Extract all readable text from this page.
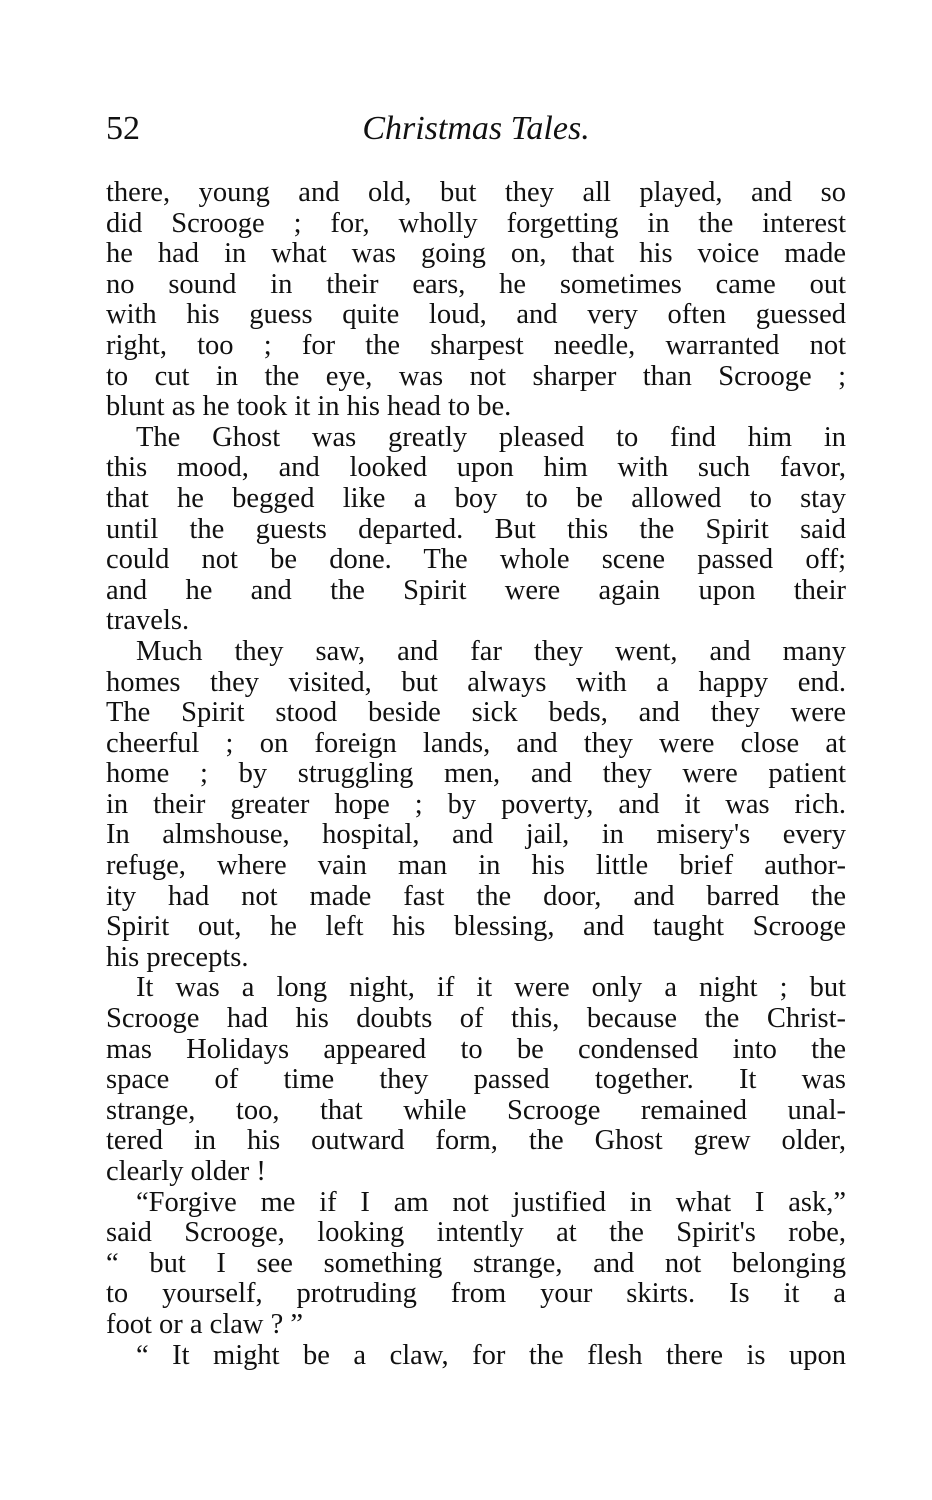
52	Christmas Tales.
there, young and old, but they all played, and so
did Scrooge ; for, wholly forgetting in the interest
he had in what was going on, that his voice made
no sound in their ears, he sometimes came out
with his guess quite loud, and very often guessed
right, too ; for the sharpest needle, warranted not
to cut in the eye, was not sharper than Scrooge ;
blunt as he took it in his head to be.
The Ghost was greatly pleased to find him in
this mood, and looked upon him with such favor,
that he begged like a boy to be allowed to stay
until the guests departed. But this the Spirit said
could not be done. The whole scene passed off;
and he and the Spirit were again upon their
travels.
Much they saw, and far they went, and many
homes they visited, but always with a happy end.
The Spirit stood beside sick beds, and they were
cheerful ; on foreign lands, and they were close at
home ; by struggling men, and they were patient
in their greater hope ; by poverty, and it was rich.
In almshouse, hospital, and jail, in misery's every
refuge, where vain man in his little brief author-
ity had not made fast the door, and barred the
Spirit out, he left his blessing, and taught Scrooge
his precepts.
It was a long night, if it were only a night ; but
Scrooge had his doubts of this, because the Christ-
mas Holidays appeared to be condensed into the
space of time they passed together. It was
strange, too, that while Scrooge remained unal-
tered in his outward form, the Ghost grew older,
clearly older !
“Forgive me if I am not justified in what I ask,”
said Scrooge, looking intently at the Spirit's robe,
“ but I see something strange, and not belonging
to yourself, protruding from your skirts. Is it a
foot or a claw ? ”
“ It might be a claw, for the flesh there is upon
